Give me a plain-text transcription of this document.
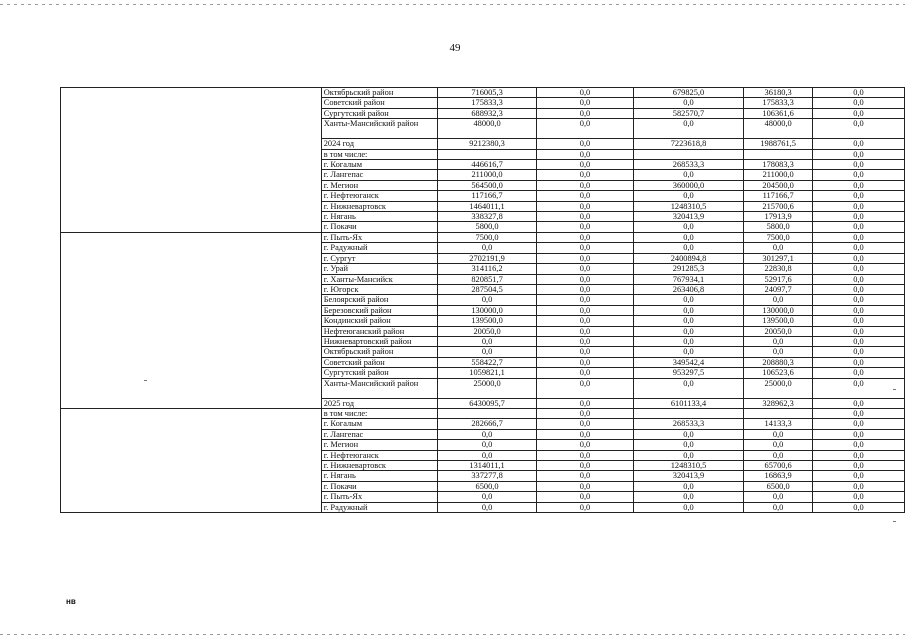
49
	Октябрьский район	716005,3	0,0	679825,0	36180,3	0,0
	Советский район	175833,3	0,0	0,0	175833,3	0,0
	Сургутский район	688932,3	0,0	582570,7	106361,6	0,0
	Ханты-Мансийский район	48000,0	0,0	0,0	48000,0	0,0
	2024 год	9212380,3	0,0	7223618,8	1988761,5	0,0
	в том числе:		0,0			0,0
	г. Когалым	446616,7	0,0	268533,3	178083,3	0,0
	г. Лангепас	211000,0	0,0	0,0	211000,0	0,0
	г. Мегион	564500,0	0,0	360000,0	204500,0	0,0
	г. Нефтеюганск	117166,7	0,0	0,0	117166,7	0,0
	г. Нижневартовск	1464011,1	0,0	1248310,5	215700,6	0,0
	г. Нягань	338327,8	0,0	320413,9	17913,9	0,0
	г. Покачи	5800,0	0,0	0,0	5800,0	0,0
	г. Пыть-Ях	7500,0	0,0	0,0	7500,0	0,0
	г. Радужный	0,0	0,0	0,0	0,0	0,0
	г. Сургут	2702191,9	0,0	2400894,8	301297,1	0,0
	г. Урай	314116,2	0,0	291285,3	22830,8	0,0
	г. Ханты-Мансийск	820851,7	0,0	767934,1	52917,6	0,0
	г. Югорск	287504,5	0,0	263406,8	24097,7	0,0
	Белоярский район	0,0	0,0	0,0	0,0	0,0
	Березовский район	130000,0	0,0	0,0	130000,0	0,0
	Кондинский район	139500,0	0,0	0,0	139500,0	0,0
	Нефтеюганский район	20050,0	0,0	0,0	20050,0	0,0
	Нижневартовский район	0,0	0,0	0,0	0,0	0,0
	Октябрьский район	0,0	0,0	0,0	0,0	0,0
	Советский район	558422,7	0,0	349542,4	208880,3	0,0
	Сургутский район	1059821,1	0,0	953297,5	106523,6	0,0
	Ханты-Мансийский район	25000,0	0,0	0,0	25000,0	0,0
	2025 год	6430095,7	0,0	6101133,4	328962,3	0,0
	в том числе:		0,0			0,0
	г. Когалым	282666,7	0,0	268533,3	14133,3	0,0
	г. Лангепас	0,0	0,0	0,0	0,0	0,0
	г. Мегион	0,0	0,0	0,0	0,0	0,0
	г. Нефтеюганск	0,0	0,0	0,0	0,0	0,0
	г. Нижневартовск	1314011,1	0,0	1248310,5	65700,6	0,0
	г. Нягань	337277,8	0,0	320413,9	16863,9	0,0
	г. Покачи	6500,0	0,0	0,0	6500,0	0,0
	г. Пыть-Ях	0,0	0,0	0,0	0,0	0,0
	г. Радужный	0,0	0,0	0,0	0,0	0,0
нв
